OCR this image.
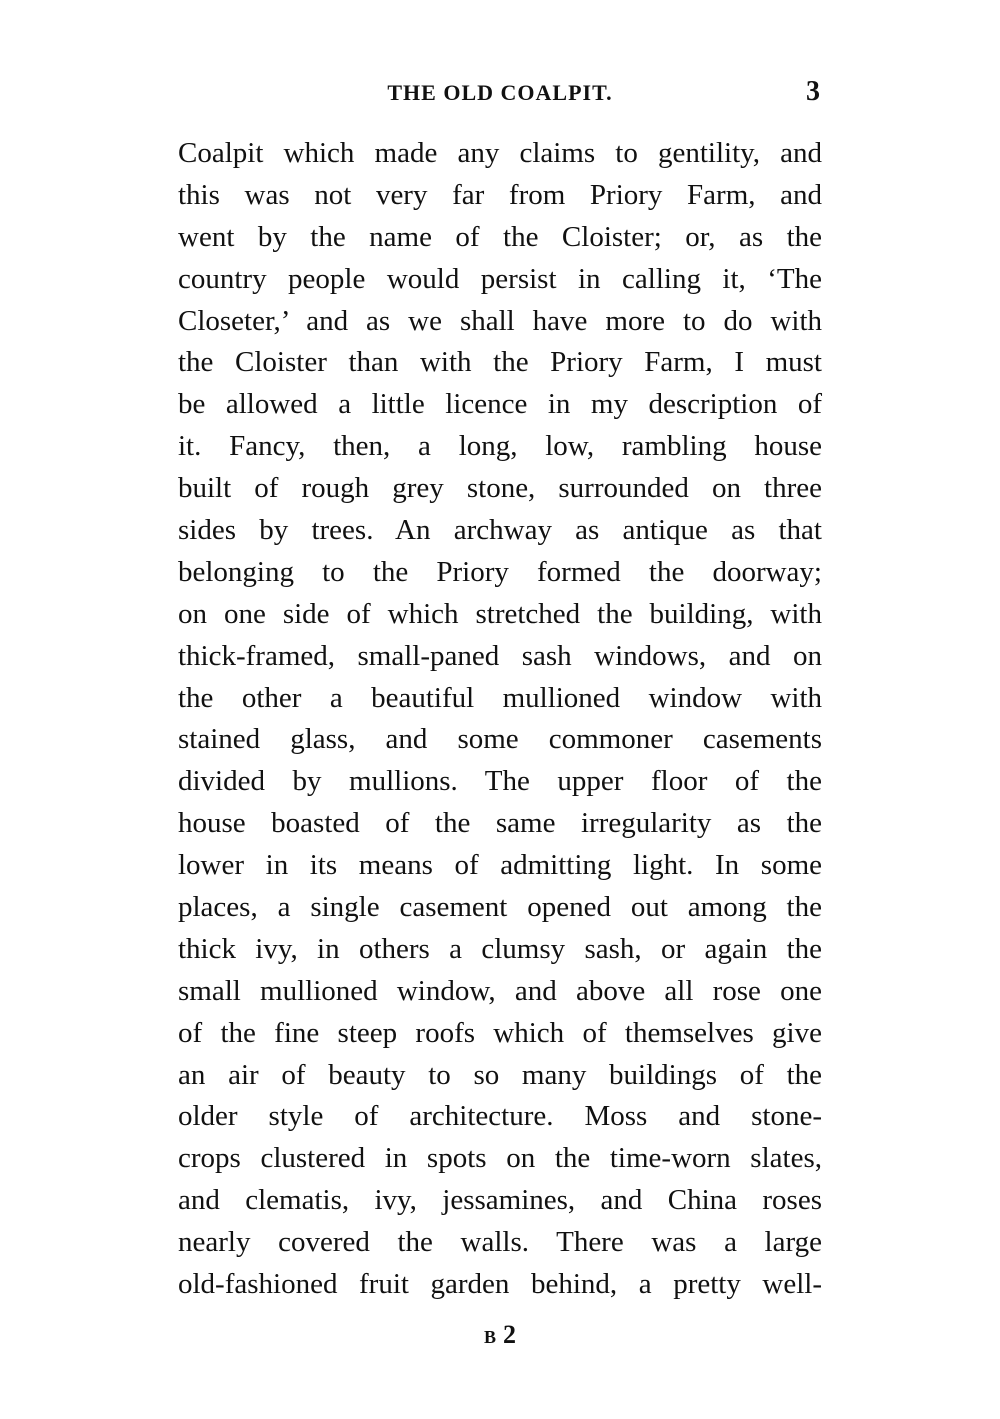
THE OLD COALPIT.	3
Coalpit which made any claims to gentility, and
this was not very far from Priory Farm, and
went by the name of the Cloister; or, as the
country people would persist in calling it, ‘The
Closeter,’ and as we shall have more to do with
the Cloister than with the Priory Farm, I must
be allowed a little licence in my description of
it. Fancy, then, a long, low, rambling house
built of rough grey stone, surrounded on three
sides by trees. An archway as antique as that
belonging to the Priory formed the doorway;
on one side of which stretched the building, with
thick-framed, small-paned sash windows, and on
the other a beautiful mullioned window with
stained glass, and some commoner casements
divided by mullions. The upper floor of the
house boasted of the same irregularity as the
lower in its means of admitting light. In some
places, a single casement opened out among the
thick ivy, in others a clumsy sash, or again the
small mullioned window, and above all rose one
of the fine steep roofs which of themselves give
an air of beauty to so many buildings of the
older style of architecture. Moss and stone-
crops clustered in spots on the time-worn slates,
and clematis, ivy, jessamines, and China roses
nearly covered the walls. There was a large
old-fashioned fruit garden behind, a pretty well-
B 2
